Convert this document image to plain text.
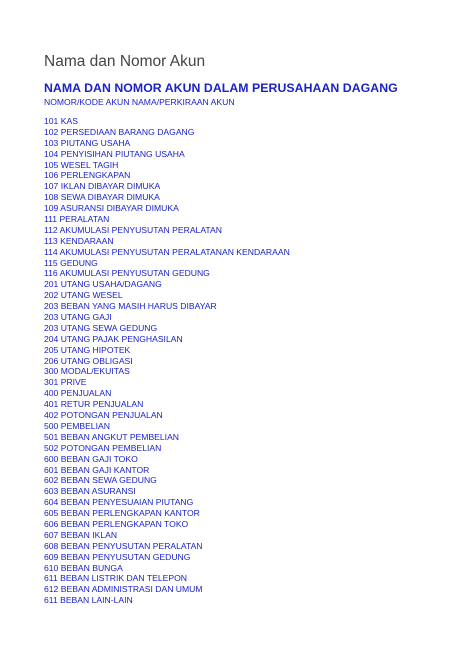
Nama dan Nomor Akun
NAMA DAN NOMOR AKUN DALAM PERUSAHAAN DAGANG
NOMOR/KODE AKUN NAMA/PERKIRAAN AKUN
101 KAS
102 PERSEDIAAN BARANG DAGANG
103 PIUTANG USAHA
104 PENYISIHAN PIUTANG USAHA
105 WESEL TAGIH
106 PERLENGKAPAN
107 IKLAN DIBAYAR DIMUKA
108 SEWA DIBAYAR DIMUKA
109 ASURANSI DIBAYAR DIMUKA
111 PERALATAN
112 AKUMULASI PENYUSUTAN PERALATAN
113 KENDARAAN
114 AKUMULASI PENYUSUTAN PERALATANAN KENDARAAN
115 GEDUNG
116 AKUMULASI PENYUSUTAN GEDUNG
201 UTANG USAHA/DAGANG
202 UTANG WESEL
203 BEBAN YANG MASIH HARUS DIBAYAR
203 UTANG GAJI
203 UTANG SEWA GEDUNG
204 UTANG PAJAK PENGHASILAN
205 UTANG HIPOTEK
206 UTANG OBLIGASI
300 MODAL/EKUITAS
301 PRIVE
400 PENJUALAN
401 RETUR PENJUALAN
402 POTONGAN PENJUALAN
500 PEMBELIAN
501 BEBAN ANGKUT PEMBELIAN
502 POTONGAN PEMBELIAN
600 BEBAN GAJI TOKO
601 BEBAN GAJI KANTOR
602 BEBAN SEWA GEDUNG
603 BEBAN ASURANSI
604 BEBAN PENYESUAIAN PIUTANG
605 BEBAN PERLENGKAPAN KANTOR
606 BEBAN PERLENGKAPAN TOKO
607 BEBAN IKLAN
608 BEBAN PENYUSUTAN PERALATAN
609 BEBAN PENYUSUTAN GEDUNG
610 BEBAN BUNGA
611 BEBAN LISTRIK DAN TELEPON
612 BEBAN ADMINISTRASI DAN UMUM
611 BEBAN LAIN-LAIN
